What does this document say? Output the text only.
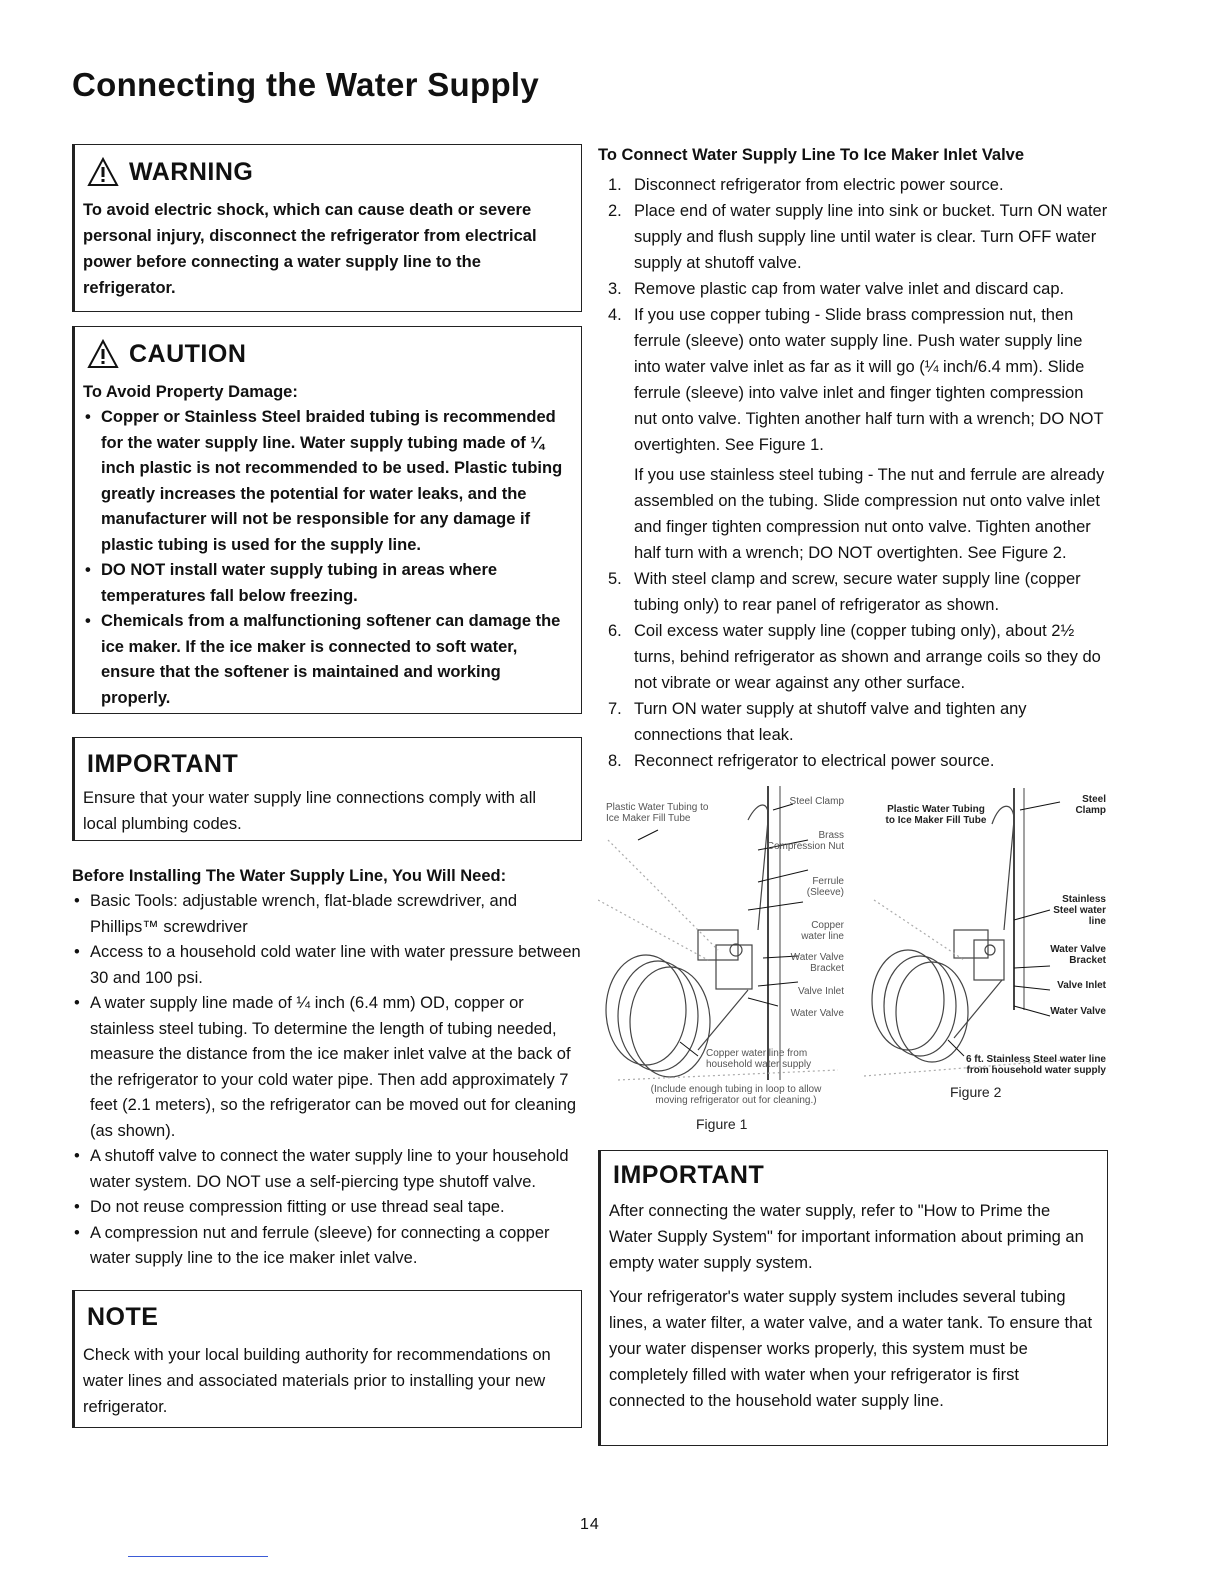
Connecting the Water Supply
WARNING
To avoid electric shock, which can cause death or severe personal injury, disconnect the refrigerator from electrical power before connecting a water supply line to the refrigerator.
CAUTION
To Avoid Property Damage:
• Copper or Stainless Steel braided tubing is recommended for the water supply line. Water supply tubing made of ¼ inch plastic is not recommended to be used. Plastic tubing greatly increases the potential for water leaks, and the manufacturer will not be responsible for any damage if plastic tubing is used for the supply line.
• DO NOT install water supply tubing in areas where temperatures fall below freezing.
• Chemicals from a malfunctioning softener can damage the ice maker. If the ice maker is connected to soft water, ensure that the softener is maintained and working properly.
IMPORTANT
Ensure that your water supply line connections comply with all local plumbing codes.

Before Installing The Water Supply Line, You Will Need:

• Basic Tools: adjustable wrench, flat-blade screwdriver, and Phillips™ screwdriver
• Access to a household cold water line with water pressure between 30 and 100 psi.
• A water supply line made of ¼ inch (6.4 mm) OD, copper or stainless steel tubing. To determine the length of tubing needed, measure the distance from the ice maker inlet valve at the back of the refrigerator to your cold water pipe. Then add approximately 7 feet (2.1 meters), so the refrigerator can be moved out for cleaning (as shown).
• A shutoff valve to connect the water supply line to your household water system. DO NOT use a self-piercing type shutoff valve.
• Do not reuse compression fitting or use thread seal tape.
• A compression nut and ferrule (sleeve) for connecting a copper water supply line to the ice maker inlet valve.
NOTE
Check with your local building authority for recommendations on water lines and associated materials prior to installing your new refrigerator.

To Connect Water Supply Line To Ice Maker Inlet Valve

1. Disconnect refrigerator from electric power source.
2. Place end of water supply line into sink or bucket. Turn ON water supply and flush supply line until water is clear. Turn OFF water supply at shutoff valve.
3. Remove plastic cap from water valve inlet and discard cap.
4. If you use copper tubing - Slide brass compression nut, then ferrule (sleeve) onto water supply line. Push water supply line into water valve inlet as far as it will go (¼ inch/6.4 mm). Slide ferrule (sleeve) into valve inlet and finger tighten compression nut onto valve. Tighten another half turn with a wrench; DO NOT overtighten. See Figure 1.

If you use stainless steel tubing - The nut and ferrule are already assembled on the tubing. Slide compression nut onto valve inlet and finger tighten compression nut onto valve. Tighten another half turn with a wrench; DO NOT overtighten. See Figure 2.

5. With steel clamp and screw, secure water supply line (copper tubing only) to rear panel of refrigerator as shown.
6. Coil excess water supply line (copper tubing only), about 2½ turns, behind refrigerator as shown and arrange coils so they do not vibrate or wear against any other surface.
7. Turn ON water supply at shutoff valve and tighten any connections that leak.
8. Reconnect refrigerator to electrical power source.
Plastic Water Tubing to Ice Maker Fill Tube
Steel Clamp
Brass Compression Nut
Ferrule (Sleeve)
Copper water line
Water Valve Bracket
Valve Inlet
Water Valve
Copper water line from household water supply
(Include enough tubing in loop to allow moving refrigerator out for cleaning.)
Figure 1
Plastic Water Tubing to Ice Maker Fill Tube
Steel Clamp
Stainless Steel water line
Water Valve Bracket
Valve Inlet
Water Valve
6 ft. Stainless Steel water line from household water supply
Figure 2
IMPORTANT

After connecting the water supply, refer to "How to Prime the Water Supply System" for important information about priming an empty water supply system.

Your refrigerator's water supply system includes several tubing lines, a water filter, a water valve, and a water tank. To ensure that your water dispenser works properly, this system must be completely filled with water when your refrigerator is first connected to the household water supply line.

14
